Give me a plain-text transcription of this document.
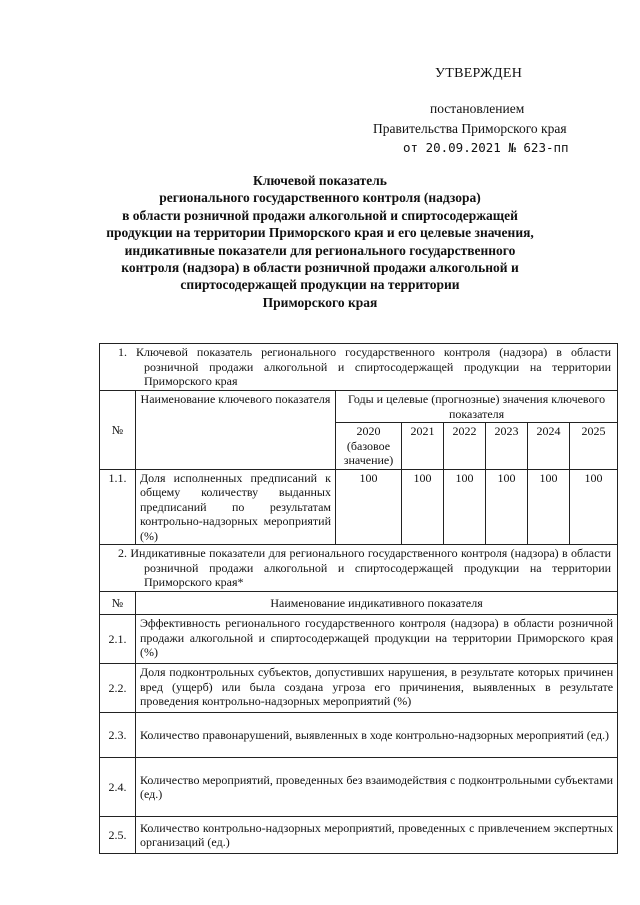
УТВЕРЖДЕН
постановлением
Правительства Приморского края
от 20.09.2021 № 623-пп
Ключевой показатель
регионального государственного контроля (надзора)
в области розничной продажи алкогольной и спиртосодержащей
продукции на территории Приморского края и его целевые значения,
индикативные показатели для регионального государственного
контроля (надзора) в области розничной продажи алкогольной и
спиртосодержащей продукции на территории
Приморского края
1. Ключевой показатель регионального государственного контроля (надзора) в области розничной продажи алкогольной и спиртосодержащей продукции на территории Приморского края							
№	Наименование ключевого показателя	Годы и целевые (прогнозные) значения ключевого показателя					
		2020 (базовое значение)	2021	2022	2023	2024	2025
1.1.	Доля исполненных предписаний к общему количеству выданных предписаний по результатам контрольно-надзорных мероприятий (%)	100	100	100	100	100	100
2. Индикативные показатели для регионального государственного контроля (надзора) в области розничной продажи алкогольной и спиртосодержащей продукции на территории Приморского края*							
№	Наименование индикативного показателя						
2.1.	Эффективность регионального государственного контроля (надзора) в области розничной продажи алкогольной и спиртосодержащей продукции на территории Приморского края (%)						
2.2.	Доля подконтрольных субъектов, допустивших нарушения, в результате которых причинен вред (ущерб) или была создана угроза его причинения, выявленных в результате проведения контрольно-надзорных мероприятий (%)						
2.3.	Количество правонарушений, выявленных в ходе контрольно-надзорных мероприятий (ед.)						
2.4.	Количество мероприятий, проведенных без взаимодействия с подконтрольными субъектами (ед.)						
2.5.	Количество контрольно-надзорных мероприятий, проведенных с привлечением экспертных организаций (ед.)						
